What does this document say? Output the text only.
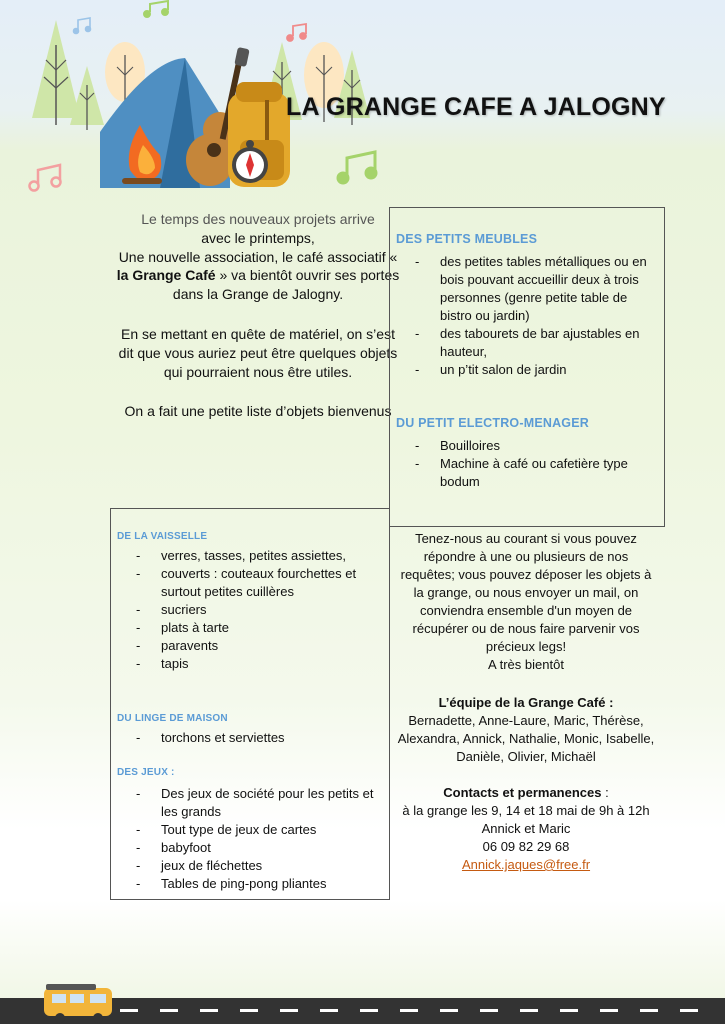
LA GRANGE CAFE A JALOGNY

Le temps des nouveaux projets arrive
avec le printemps,
Une nouvelle association, le café associatif « la Grange Café » va bientôt ouvrir ses portes dans la Grange de Jalogny.

En se mettant en quête de matériel, on s’est dit que vous auriez peut être quelques objets qui pourraient nous être utiles.

On a fait une petite liste d’objets bienvenus

DES PETITS MEUBLES
- des petites tables métalliques ou en bois pouvant accueillir deux à trois personnes (genre petite table de bistro ou jardin)
- des tabourets de bar ajustables en hauteur,
- un p’tit salon de jardin
DU PETIT ELECTRO-MENAGER
- Bouilloires
- Machine à café ou cafetière type bodum
DE LA VAISSELLE
- verres, tasses, petites assiettes,
- couverts : couteaux fourchettes et surtout petites cuillères
- sucriers
- plats à tarte
- paravents
- tapis
DU LINGE DE MAISON
- torchons et serviettes
DES JEUX :
- Des jeux de société pour les petits et les grands
- Tout type de jeux de cartes
- babyfoot
- jeux de fléchettes
- Tables de ping-pong pliantes

Tenez-nous au courant si vous pouvez répondre à une ou plusieurs de nos requêtes; vous pouvez déposer les objets à la grange, ou nous envoyer un mail, on conviendra ensemble d'un moyen de récupérer ou de nous faire parvenir vos précieux legs!

A très bientôt

L’équipe de la Grange Café :

Bernadette, Anne-Laure, Maric, Thérèse, Alexandra, Annick, Nathalie, Monic, Isabelle, Danièle, Olivier, Michaël

Contacts et permanences :

à la grange les 9, 14 et 18 mai de 9h à 12h

Annick et Maric

06 09 82 29 68

Annick.jaques@free.fr
